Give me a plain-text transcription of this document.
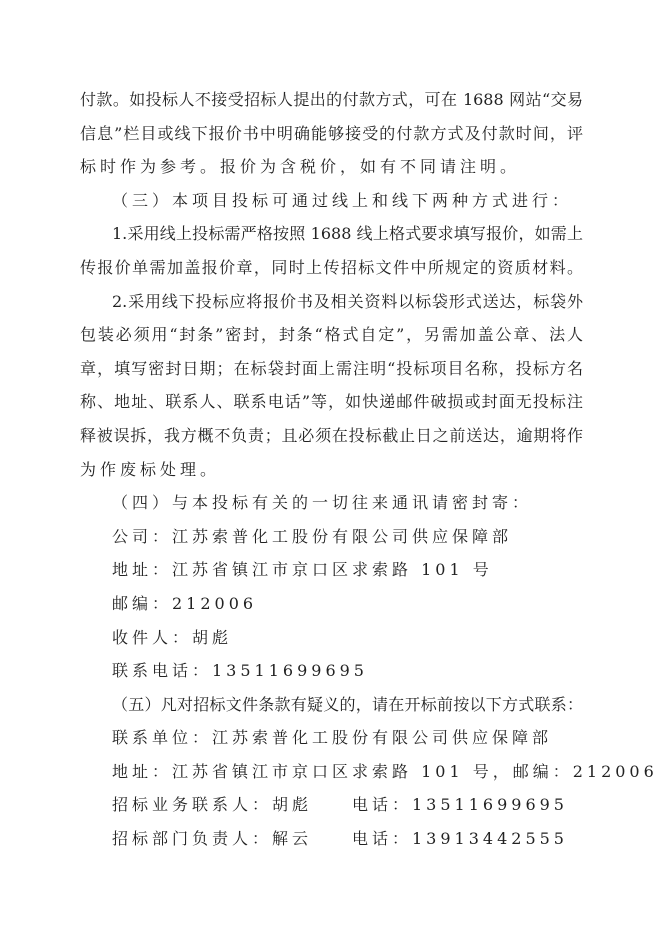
付款。如投标人不接受招标人提出的付款方式，可在 1688 网站“交易
信息”栏目或线下报价书中明确能够接受的付款方式及付款时间，评
标时作为参考。报价为含税价，如有不同请注明。
（三）本项目投标可通过线上和线下两种方式进行：
1.采用线上投标需严格按照 1688 线上格式要求填写报价，如需上
传报价单需加盖报价章，同时上传招标文件中所规定的资质材料。
2.采用线下投标应将报价书及相关资料以标袋形式送达，标袋外
包装必须用“封条”密封，封条“格式自定”，另需加盖公章、法人
章，填写密封日期；在标袋封面上需注明“投标项目名称，投标方名
称、地址、联系人、联系电话”等，如快递邮件破损或封面无投标注
释被误拆，我方概不负责；且必须在投标截止日之前送达，逾期将作
为作废标处理。
（四）与本投标有关的一切往来通讯请密封寄：
公司：江苏索普化工股份有限公司供应保障部
地址：江苏省镇江市京口区求索路 101 号
邮编：212006
收件人：胡彪
联系电话：13511699695
（五）凡对招标文件条款有疑义的，请在开标前按以下方式联系：
联系单位：江苏索普化工股份有限公司供应保障部
地址：江苏省镇江市京口区求索路 101 号，邮编：212006
招标业务联系人：胡彪　　电话：13511699695
招标部门负责人：解云　　电话：13913442555
